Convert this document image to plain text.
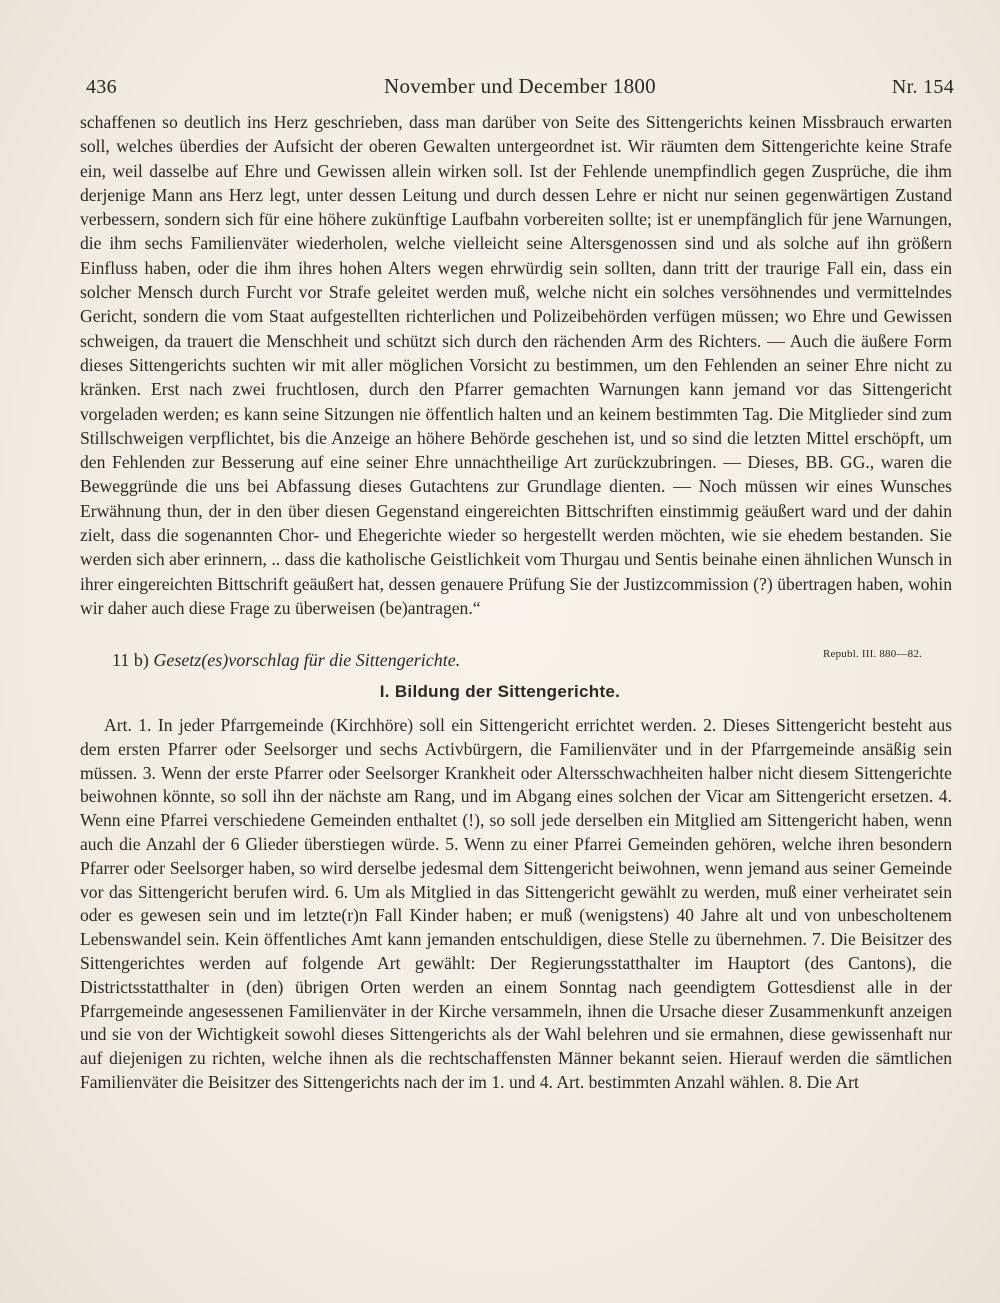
436	November und December 1800	Nr. 154

schaffenen so deutlich ins Herz geschrieben, dass man darüber von Seite des Sittengerichts keinen Missbrauch erwarten soll, welches überdies der Aufsicht der oberen Gewalten untergeordnet ist. Wir räumten dem Sittengerichte keine Strafe ein, weil dasselbe auf Ehre und Gewissen allein wirken soll. Ist der Fehlende unempfindlich gegen Zusprüche, die ihm derjenige Mann ans Herz legt, unter dessen Leitung und durch dessen Lehre er nicht nur seinen gegenwärtigen Zustand verbessern, sondern sich für eine höhere zukünftige Laufbahn vorbereiten sollte; ist er unempfänglich für jene Warnungen, die ihm sechs Familienväter wiederholen, welche vielleicht seine Altersgenossen sind und als solche auf ihn größern Einfluss haben, oder die ihm ihres hohen Alters wegen ehrwürdig sein sollten, dann tritt der traurige Fall ein, dass ein solcher Mensch durch Furcht vor Strafe geleitet werden muß, welche nicht ein solches versöhnendes und vermittelndes Gericht, sondern die vom Staat aufgestellten richterlichen und Polizeibehörden verfügen müssen; wo Ehre und Gewissen schweigen, da trauert die Menschheit und schützt sich durch den rächenden Arm des Richters. — Auch die äußere Form dieses Sittengerichts suchten wir mit aller möglichen Vorsicht zu bestimmen, um den Fehlenden an seiner Ehre nicht zu kränken. Erst nach zwei fruchtlosen, durch den Pfarrer gemachten Warnungen kann jemand vor das Sittengericht vorgeladen werden; es kann seine Sitzungen nie öffentlich halten und an keinem bestimmten Tag. Die Mitglieder sind zum Stillschweigen verpflichtet, bis die Anzeige an höhere Behörde geschehen ist, und so sind die letzten Mittel erschöpft, um den Fehlenden zur Besserung auf eine seiner Ehre unnachtheilige Art zurückzubringen. — Dieses, BB. GG., waren die Beweggründe die uns bei Abfassung dieses Gutachtens zur Grundlage dienten. — Noch müssen wir eines Wunsches Erwähnung thun, der in den über diesen Gegenstand eingereichten Bittschriften einstimmig geäußert ward und der dahin zielt, dass die sogenannten Chor- und Ehegerichte wieder so hergestellt werden möchten, wie sie ehedem bestanden. Sie werden sich aber erinnern, .. dass die katholische Geistlichkeit vom Thurgau und Sentis beinahe einen ähnlichen Wunsch in ihrer eingereichten Bittschrift geäußert hat, dessen genauere Prüfung Sie der Justizcommission (?) übertragen haben, wohin wir daher auch diese Frage zu überweisen (be)antragen.“

11 b) Gesetz(es)vorschlag für die Sittengerichte.	Republ. III. 880—82.
I. Bildung der Sittengerichte.

Art. 1. In jeder Pfarrgemeinde (Kirchhöre) soll ein Sittengericht errichtet werden. 2. Dieses Sittengericht besteht aus dem ersten Pfarrer oder Seelsorger und sechs Activbürgern, die Familienväter und in der Pfarrgemeinde ansäßig sein müssen. 3. Wenn der erste Pfarrer oder Seelsorger Krankheit oder Altersschwachheiten halber nicht diesem Sittengerichte beiwohnen könnte, so soll ihn der nächste am Rang, und im Abgang eines solchen der Vicar am Sittengericht ersetzen. 4. Wenn eine Pfarrei verschiedene Gemeinden enthaltet (!), so soll jede derselben ein Mitglied am Sittengericht haben, wenn auch die Anzahl der 6 Glieder überstiegen würde. 5. Wenn zu einer Pfarrei Gemeinden gehören, welche ihren besondern Pfarrer oder Seelsorger haben, so wird derselbe jedesmal dem Sittengericht beiwohnen, wenn jemand aus seiner Gemeinde vor das Sittengericht berufen wird. 6. Um als Mitglied in das Sittengericht gewählt zu werden, muß einer verheiratet sein oder es gewesen sein und im letzte(r)n Fall Kinder haben; er muß (wenigstens) 40 Jahre alt und von unbescholtenem Lebenswandel sein. Kein öffentliches Amt kann jemanden entschuldigen, diese Stelle zu übernehmen. 7. Die Beisitzer des Sittengerichtes werden auf folgende Art gewählt: Der Regierungsstatthalter im Hauptort (des Cantons), die Districtsstatthalter in (den) übrigen Orten werden an einem Sonntag nach geendigtem Gottesdienst alle in der Pfarrgemeinde angesessenen Familienväter in der Kirche versammeln, ihnen die Ursache dieser Zusammenkunft anzeigen und sie von der Wichtigkeit sowohl dieses Sittengerichts als der Wahl belehren und sie ermahnen, diese gewissenhaft nur auf diejenigen zu richten, welche ihnen als die rechtschaffensten Männer bekannt seien. Hierauf werden die sämtlichen Familienväter die Beisitzer des Sittengerichts nach der im 1. und 4. Art. bestimmten Anzahl wählen. 8. Die Art
